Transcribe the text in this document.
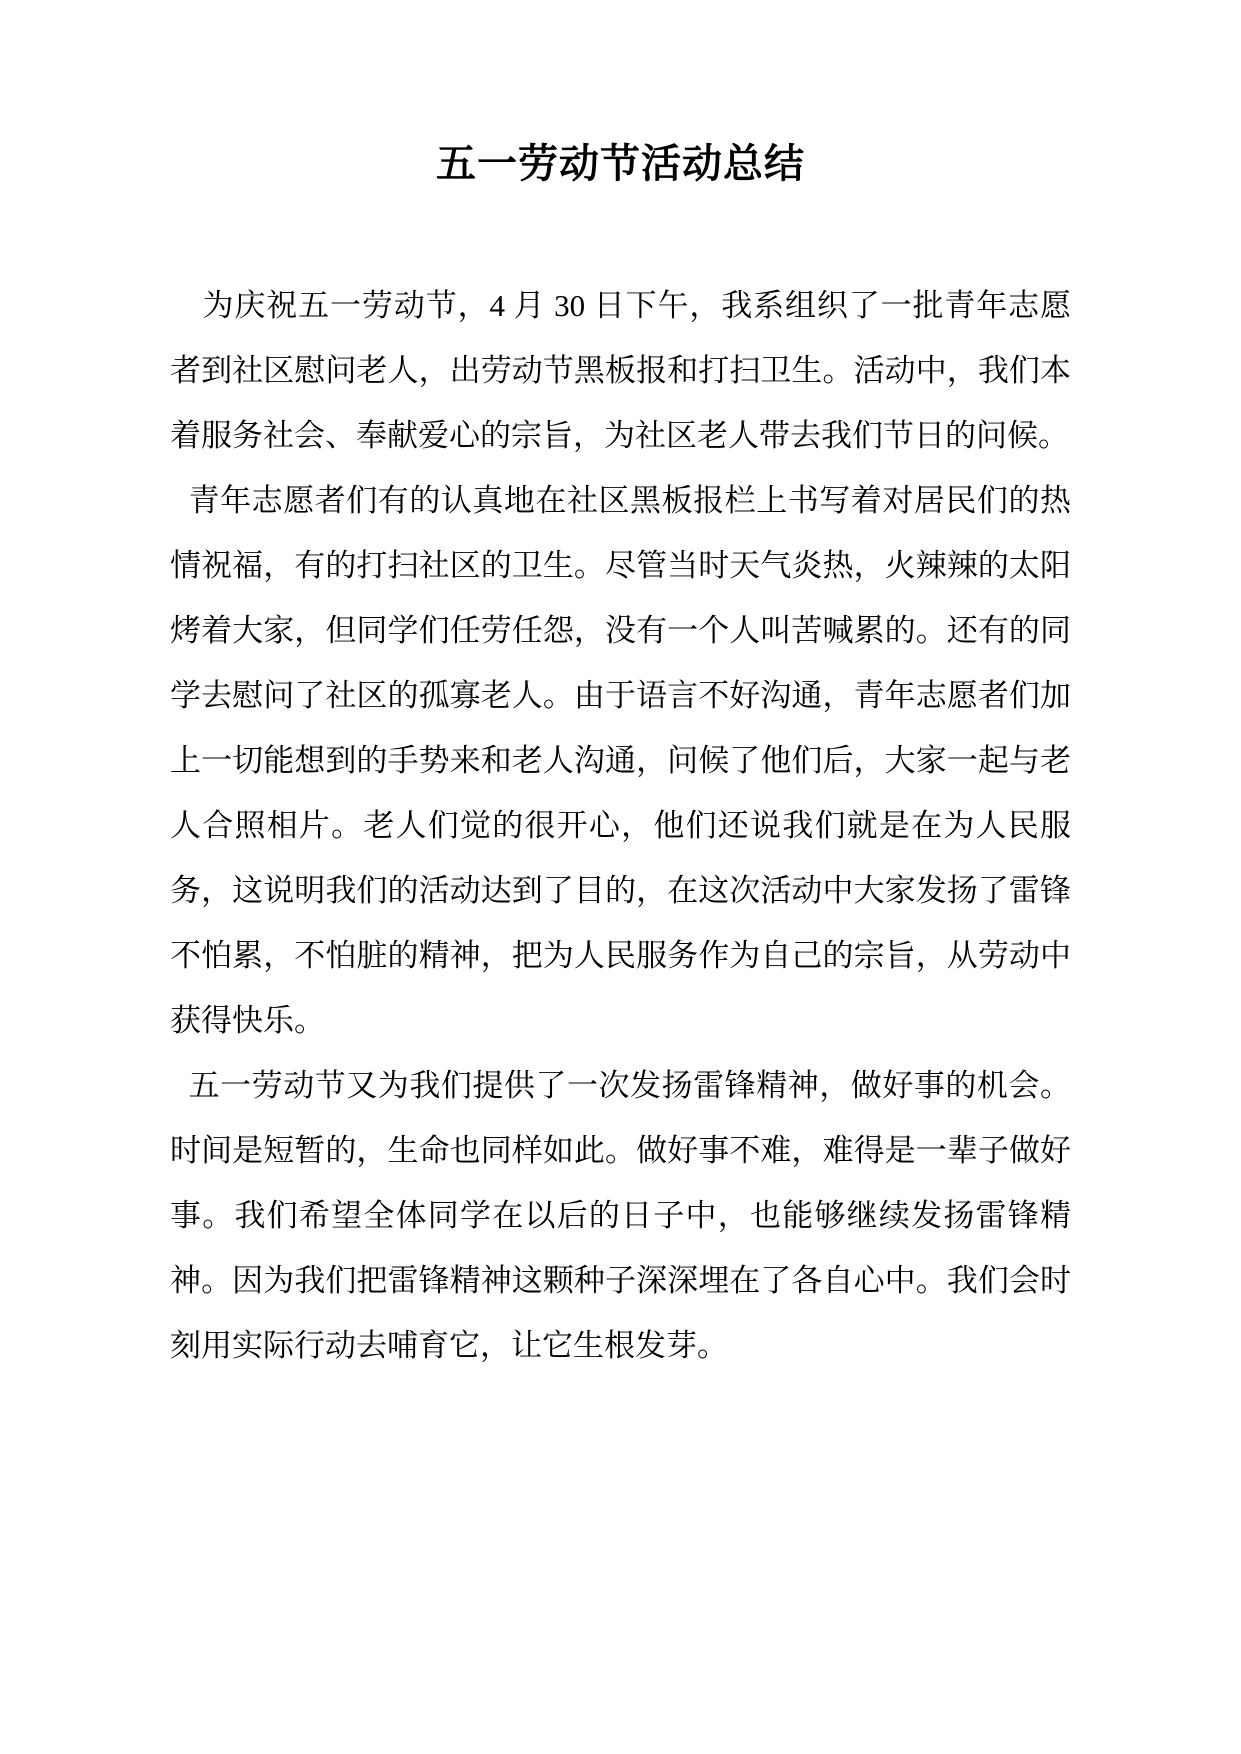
五一劳动节活动总结

为庆祝五一劳动节，4 月 30 日下午，我系组织了一批青年志愿者到社区慰问老人，出劳动节黑板报和打扫卫生。活动中，我们本着服务社会、奉献爱心的宗旨，为社区老人带去我们节日的问候。

青年志愿者们有的认真地在社区黑板报栏上书写着对居民们的热情祝福，有的打扫社区的卫生。尽管当时天气炎热，火辣辣的太阳烤着大家，但同学们任劳任怨，没有一个人叫苦喊累的。还有的同学去慰问了社区的孤寡老人。由于语言不好沟通，青年志愿者们加上一切能想到的手势来和老人沟通，问候了他们后，大家一起与老人合照相片。老人们觉的很开心，他们还说我们就是在为人民服务，这说明我们的活动达到了目的，在这次活动中大家发扬了雷锋不怕累，不怕脏的精神，把为人民服务作为自己的宗旨，从劳动中获得快乐。

五一劳动节又为我们提供了一次发扬雷锋精神，做好事的机会。时间是短暂的，生命也同样如此。做好事不难，难得是一辈子做好事。我们希望全体同学在以后的日子中，也能够继续发扬雷锋精神。因为我们把雷锋精神这颗种子深深埋在了各自心中。我们会时刻用实际行动去哺育它，让它生根发芽。
